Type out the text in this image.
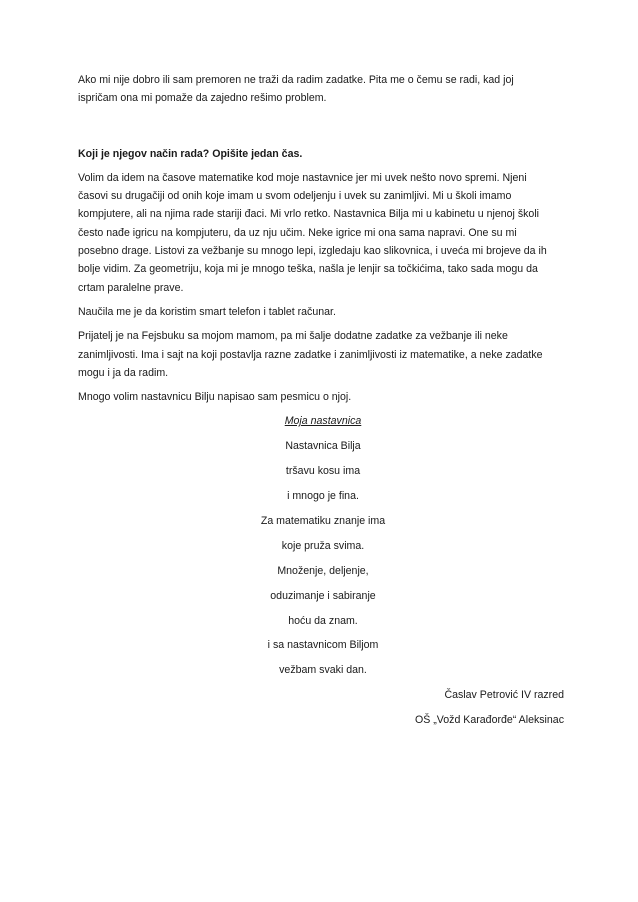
Ako mi nije dobro ili sam premoren ne traži da radim zadatke. Pita me o čemu se radi, kad joj
ispričam ona mi pomaže da zajedno rešimo problem.

Koji je njegov način rada? Opišite jedan čas.

Volim da idem na časove matematike kod moje nastavnice jer mi uvek nešto novo spremi. Njeni
časovi su drugačiji od onih koje imam u svom odeljenju i uvek su zanimljivi. Mi u školi imamo
kompjutere, ali na njima rade stariji đaci. Mi vrlo retko. Nastavnica Bilja mi u kabinetu u njenoj školi
često nađe igricu na kompjuteru, da uz nju učim. Neke igrice mi ona sama napravi. One su mi
posebno drage. Listovi za vežbanje su mnogo lepi, izgledaju kao slikovnica, i uveća mi brojeve da ih
bolje vidim. Za geometriju, koja mi je mnogo teška, našla je lenjir sa točkićima, tako sada mogu da
crtam paralelne prave.

Naučila me je da koristim smart telefon i tablet računar.

Prijatelj je na Fejsbuku sa mojom mamom, pa mi šalje dodatne zadatke za vežbanje ili neke
zanimljivosti. Ima i sajt na koji postavlja razne zadatke i zanimljivosti iz matematike, a neke zadatke
mogu i ja da radim.

Mnogo volim nastavnicu Bilju napisao sam pesmicu o njoj.

Moja nastavnica
Nastavnica Bilja
tršavu kosu ima
i mnogo je fina.
Za matematiku znanje ima
koje pruža svima.
Množenje, deljenje,
oduzimanje i sabiranje
hoću da znam.
i sa nastavnicom Biljom
vežbam svaki dan.
Časlav Petrović IV razred
OŠ „Vožd Karađorđe“ Aleksinac
